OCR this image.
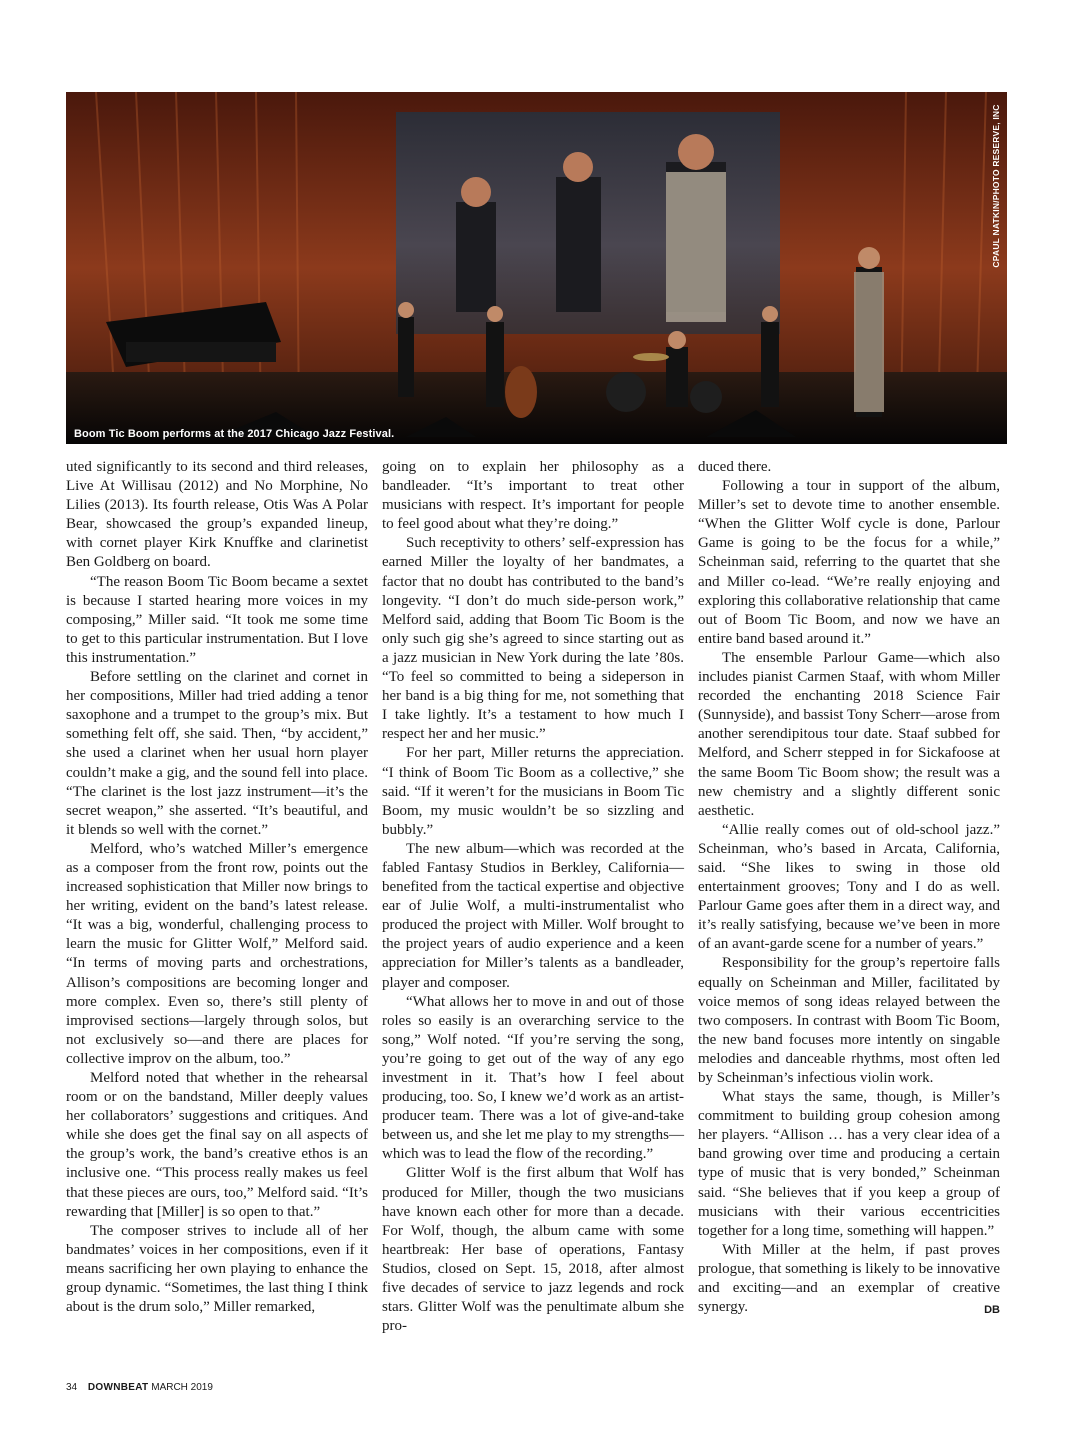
CPAUL NATKIN/PHOTO RESERVE, INC
Boom Tic Boom performs at the 2017 Chicago Jazz Festival.

uted significantly to its second and third releases, Live At Willisau (2012) and No Morphine, No Lilies (2013). Its fourth release, Otis Was A Polar Bear, showcased the group’s expanded lineup, with cornet player Kirk Knuffke and clarinetist Ben Goldberg on board.

“The reason Boom Tic Boom became a sextet is because I started hearing more voices in my composing,” Miller said. “It took me some time to get to this particular instrumentation. But I love this instrumentation.”

Before settling on the clarinet and cornet in her compositions, Miller had tried adding a tenor saxophone and a trumpet to the group’s mix. But something felt off, she said. Then, “by accident,” she used a clarinet when her usual horn player couldn’t make a gig, and the sound fell into place. “The clarinet is the lost jazz instrument—it’s the secret weapon,” she asserted. “It’s beautiful, and it blends so well with the cornet.”

Melford, who’s watched Miller’s emergence as a composer from the front row, points out the increased sophistication that Miller now brings to her writing, evident on the band’s latest release. “It was a big, wonderful, challenging process to learn the music for Glitter Wolf,” Melford said. “In terms of moving parts and orchestrations, Allison’s compositions are becoming longer and more complex. Even so, there’s still plenty of improvised sections—largely through solos, but not exclusively so—and there are places for collective improv on the album, too.”

Melford noted that whether in the rehearsal room or on the bandstand, Miller deeply values her collaborators’ suggestions and critiques. And while she does get the final say on all aspects of the group’s work, the band’s creative ethos is an inclusive one. “This process really makes us feel that these pieces are ours, too,” Melford said. “It’s rewarding that [Miller] is so open to that.”

The composer strives to include all of her bandmates’ voices in her compositions, even if it means sacrificing her own playing to enhance the group dynamic. “Sometimes, the last thing I think about is the drum solo,” Miller remarked,

going on to explain her philosophy as a bandleader. “It’s important to treat other musicians with respect. It’s important for people to feel good about what they’re doing.”

Such receptivity to others’ self-expression has earned Miller the loyalty of her bandmates, a factor that no doubt has contributed to the band’s longevity. “I don’t do much side-person work,” Melford said, adding that Boom Tic Boom is the only such gig she’s agreed to since starting out as a jazz musician in New York during the late ’80s. “To feel so committed to being a sideperson in her band is a big thing for me, not something that I take lightly. It’s a testament to how much I respect her and her music.”

For her part, Miller returns the appreciation. “I think of Boom Tic Boom as a collective,” she said. “If it weren’t for the musicians in Boom Tic Boom, my music wouldn’t be so sizzling and bubbly.”

The new album—which was recorded at the fabled Fantasy Studios in Berkley, California—benefited from the tactical expertise and objective ear of Julie Wolf, a multi-instrumentalist who produced the project with Miller. Wolf brought to the project years of audio experience and a keen appreciation for Miller’s talents as a bandleader, player and composer.

“What allows her to move in and out of those roles so easily is an overarching service to the song,” Wolf noted. “If you’re serving the song, you’re going to get out of the way of any ego investment in it. That’s how I feel about producing, too. So, I knew we’d work as an artist-producer team. There was a lot of give-and-take between us, and she let me play to my strengths—which was to lead the flow of the recording.”

Glitter Wolf is the first album that Wolf has produced for Miller, though the two musicians have known each other for more than a decade. For Wolf, though, the album came with some heartbreak: Her base of operations, Fantasy Studios, closed on Sept. 15, 2018, after almost five decades of service to jazz legends and rock stars. Glitter Wolf was the penultimate album she pro-

duced there.

Following a tour in support of the album, Miller’s set to devote time to another ensemble. “When the Glitter Wolf cycle is done, Parlour Game is going to be the focus for a while,” Scheinman said, referring to the quartet that she and Miller co-lead. “We’re really enjoying and exploring this collaborative relationship that came out of Boom Tic Boom, and now we have an entire band based around it.”

The ensemble Parlour Game—which also includes pianist Carmen Staaf, with whom Miller recorded the enchanting 2018 Science Fair (Sunnyside), and bassist Tony Scherr—arose from another serendipitous tour date. Staaf subbed for Melford, and Scherr stepped in for Sickafoose at the same Boom Tic Boom show; the result was a new chemistry and a slightly different sonic aesthetic.

“Allie really comes out of old-school jazz.” Scheinman, who’s based in Arcata, California, said. “She likes to swing in those old entertainment grooves; Tony and I do as well. Parlour Game goes after them in a direct way, and it’s really satisfying, because we’ve been in more of an avant-garde scene for a number of years.”

Responsibility for the group’s repertoire falls equally on Scheinman and Miller, facilitated by voice memos of song ideas relayed between the two composers. In contrast with Boom Tic Boom, the new band focuses more intently on singable melodies and danceable rhythms, most often led by Scheinman’s infectious violin work.

What stays the same, though, is Miller’s commitment to building group cohesion among her players. “Allison … has a very clear idea of a band growing over time and producing a certain type of music that is very bonded,” Scheinman said. “She believes that if you keep a group of musicians with their various eccentricities together for a long time, something will happen.”

With Miller at the helm, if past proves prologue, that something is likely to be innovative and exciting—and an exemplar of creative synergy.	DB

34 DOWNBEAT MARCH 2019
